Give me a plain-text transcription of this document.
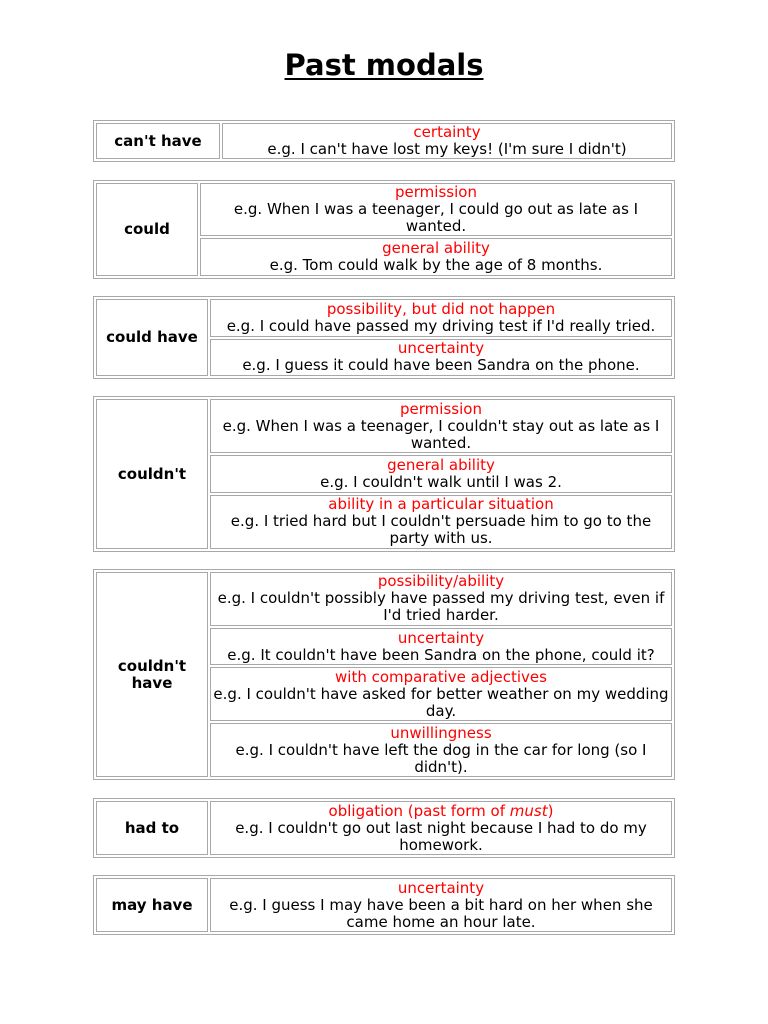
Past modals
can't have	certainty
e.g. I can't have lost my keys! (I'm sure I didn't)
could
permission
e.g. When I was a teenager, I could go out as late as I wanted.
general ability
e.g. Tom could walk by the age of 8 months.
could have
possibility, but did not happen
e.g. I could have passed my driving test if I'd really tried.
uncertainty
e.g. I guess it could have been Sandra on the phone.
couldn't
permission
e.g. When I was a teenager, I couldn't stay out as late as I wanted.
general ability
e.g. I couldn't walk until I was 2.
ability in a particular situation
e.g. I tried hard but I couldn't persuade him to go to the party with us.
couldn't have
possibility/ability
e.g. I couldn't possibly have passed my driving test, even if I'd tried harder.
uncertainty
e.g. It couldn't have been Sandra on the phone, could it?
with comparative adjectives
e.g. I couldn't have asked for better weather on my wedding day.
unwillingness
e.g. I couldn't have left the dog in the car for long (so I didn't).
had to
obligation (past form of must)
e.g. I couldn't go out last night because I had to do my homework.
may have
uncertainty
e.g. I guess I may have been a bit hard on her when she came home an hour late.
